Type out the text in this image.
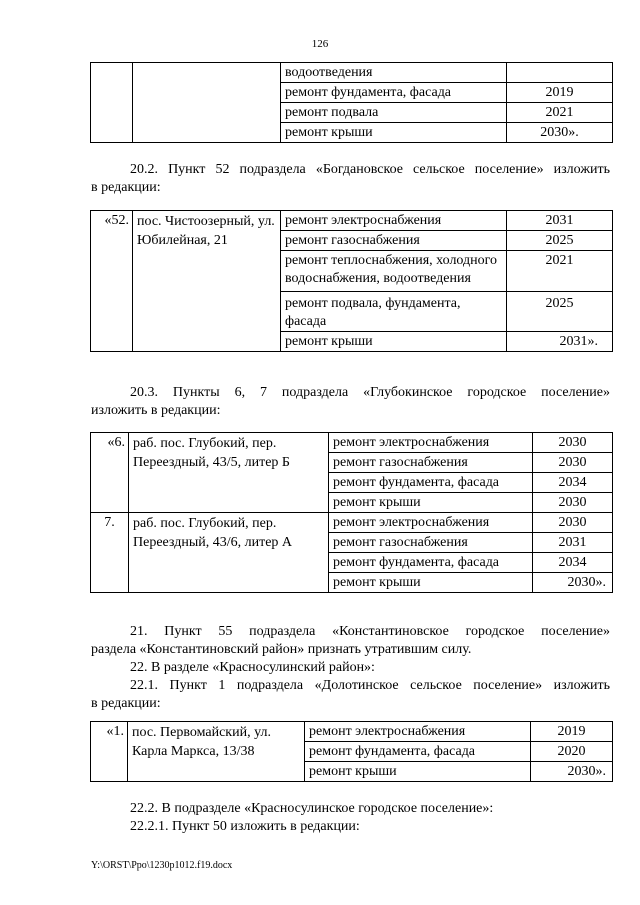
126
		водоотведения	
		ремонт фундамента, фасада	2019
		ремонт подвала	2021
		ремонт крыши	2030».
20.2. Пункт 52 подраздела «Богдановское сельское поселение» изложить
в редакции:
«52.	пос. Чистоозерный, ул. Юбилейная, 21	ремонт электроснабжения	2031
		ремонт газоснабжения	2025
		ремонт теплоснабжения, холодного водоснабжения, водоотведения	2021
		ремонт подвала, фундамента, фасада	2025
		ремонт крыши	2031».
20.3. Пункты 6, 7 подраздела «Глубокинское городское поселение»
изложить в редакции:
«6.	раб. пос. Глубокий, пер. Переездный, 43/5, литер Б	ремонт электроснабжения	2030
		ремонт газоснабжения	2030
		ремонт фундамента, фасада	2034
		ремонт крыши	2030
7.	раб. пос. Глубокий, пер. Переездный, 43/6, литер А	ремонт электроснабжения	2030
		ремонт газоснабжения	2031
		ремонт фундамента, фасада	2034
		ремонт крыши	2030».
21. Пункт 55 подраздела «Константиновское городское поселение»
раздела «Константиновский район» признать утратившим силу.
22. В разделе «Красносулинский район»:
22.1. Пункт 1 подраздела «Долотинское сельское поселение» изложить
в редакции:
«1.	пос. Первомайский, ул. Карла Маркса, 13/38	ремонт электроснабжения	2019
		ремонт фундамента, фасада	2020
		ремонт крыши	2030».
22.2. В подразделе «Красносулинское городское поселение»:
22.2.1. Пункт 50 изложить в редакции:
Y:\ORST\Ppo\1230p1012.f19.docx
